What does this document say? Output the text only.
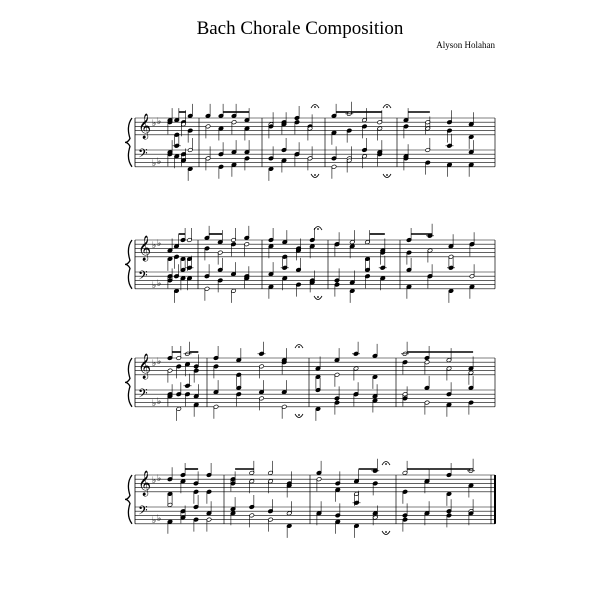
Bach Chorale Composition
Alyson Holahan
𝄞 ♭ ♭
𝄢 ♭ ♭
𝄞 ♭ ♭
𝄢 ♭ ♭
𝄞 ♭ ♭
𝄢 ♭ ♭
𝄞 ♭ ♭
𝄢 ♭ ♭
